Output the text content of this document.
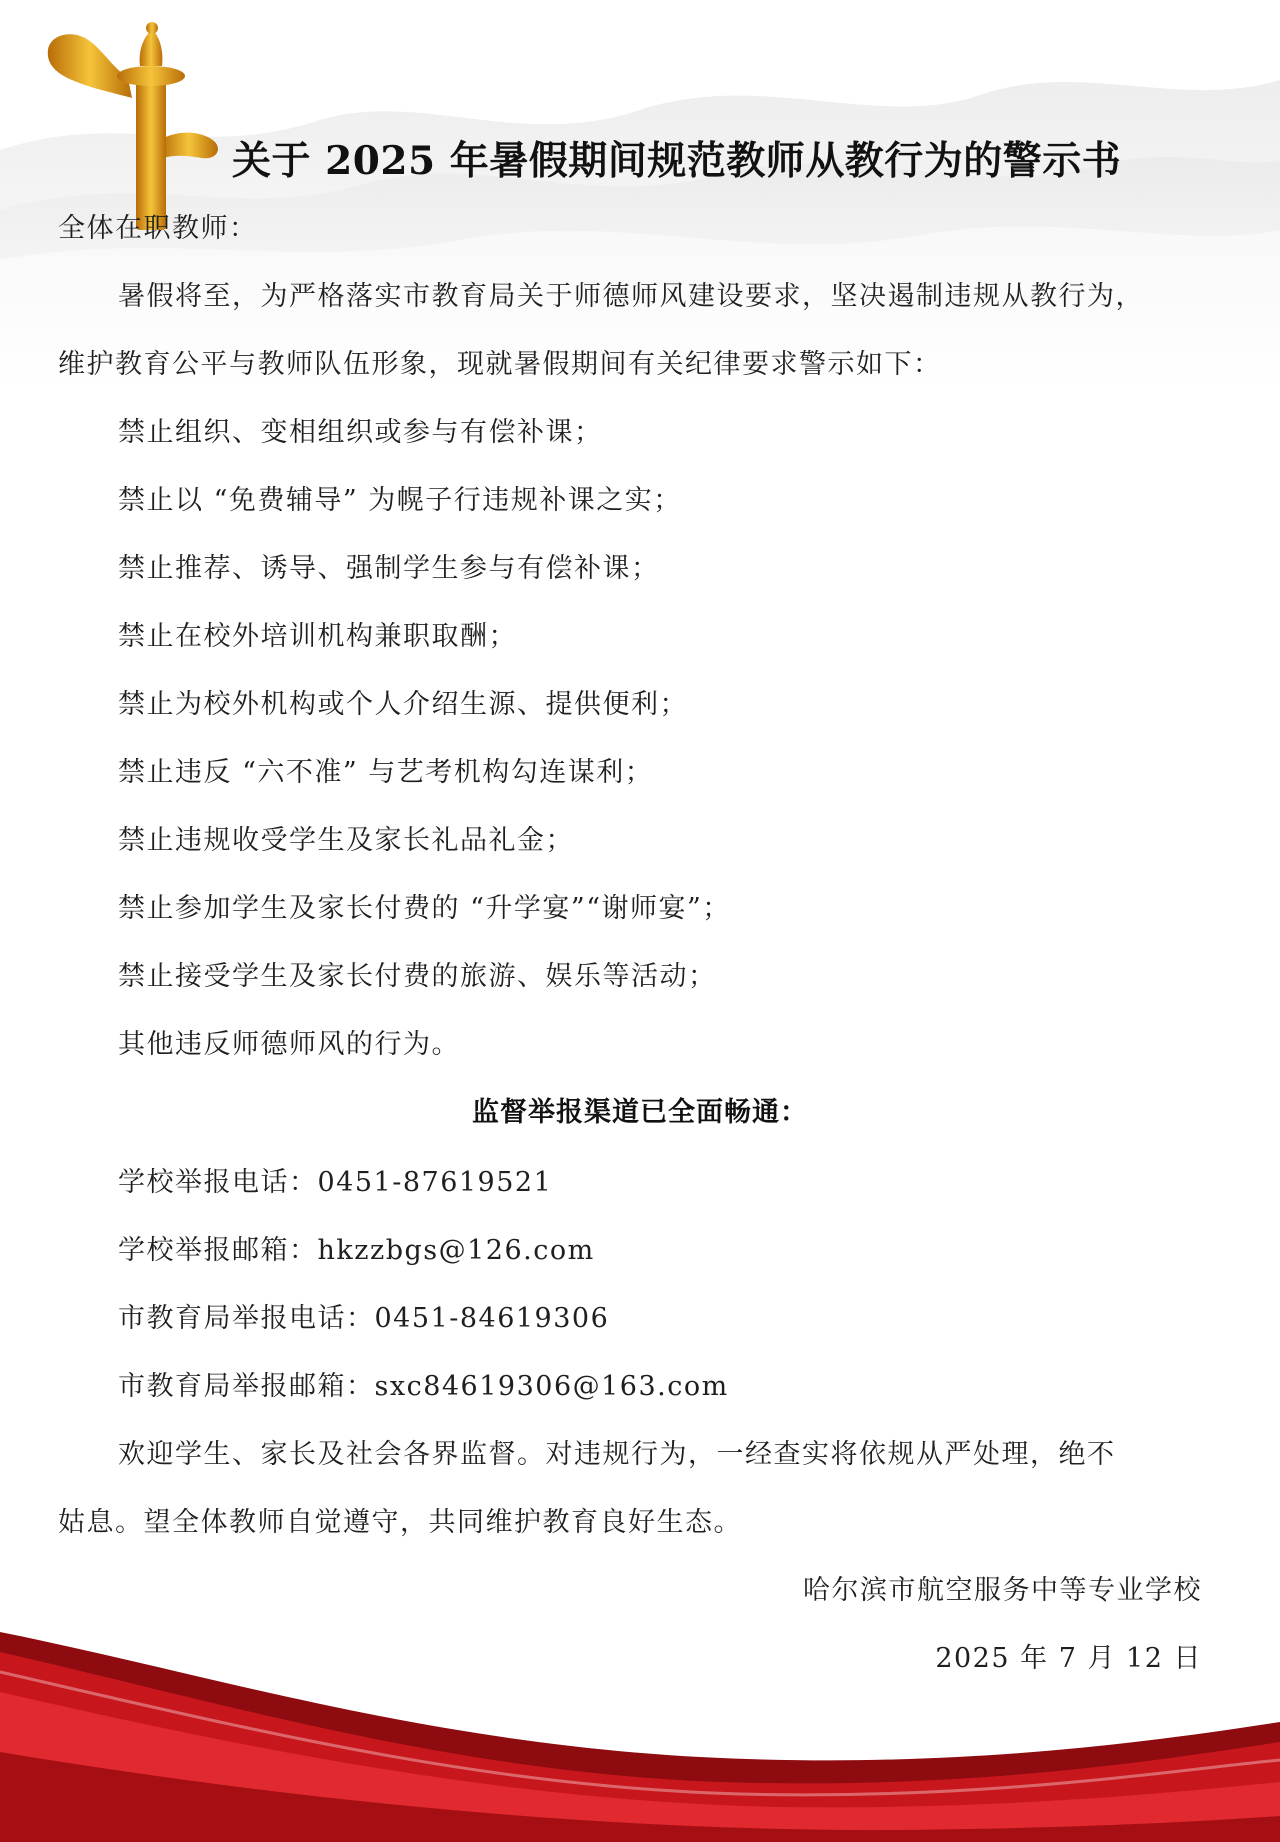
关于 2025 年暑假期间规范教师从教行为的警示书

全体在职教师：

暑假将至，为严格落实市教育局关于师德师风建设要求，坚决遏制违规从教行为，

维护教育公平与教师队伍形象，现就暑假期间有关纪律要求警示如下：

禁止组织、变相组织或参与有偿补课；

禁止以 “免费辅导” 为幌子行违规补课之实；

禁止推荐、诱导、强制学生参与有偿补课；

禁止在校外培训机构兼职取酬；

禁止为校外机构或个人介绍生源、提供便利；

禁止违反 “六不准” 与艺考机构勾连谋利；

禁止违规收受学生及家长礼品礼金；

禁止参加学生及家长付费的 “升学宴”“谢师宴”；

禁止接受学生及家长付费的旅游、娱乐等活动；

其他违反师德师风的行为。

监督举报渠道已全面畅通：

学校举报电话：0451-87619521

学校举报邮箱：hkzzbgs@126.com

市教育局举报电话：0451-84619306

市教育局举报邮箱：sxc84619306@163.com

欢迎学生、家长及社会各界监督。对违规行为，一经查实将依规从严处理，绝不

姑息。望全体教师自觉遵守，共同维护教育良好生态。

哈尔滨市航空服务中等专业学校

2025 年 7 月 12 日
